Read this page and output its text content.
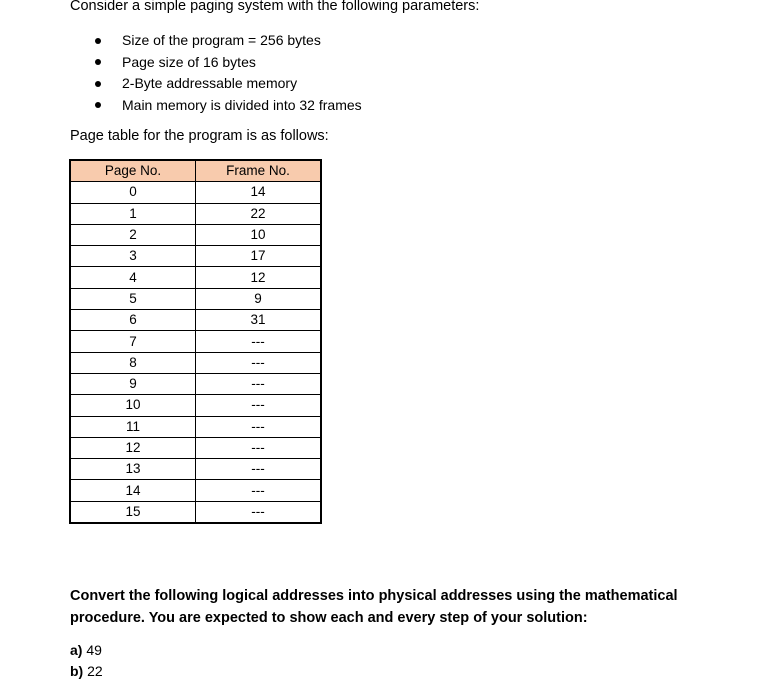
Consider a simple paging system with the following parameters:

Size of the program = 256 bytes
Page size of 16 bytes
2-Byte addressable memory
Main memory is divided into 32 frames

Page table for the program is as follows:

Page No.	Frame No.
0	14
1	22
2	10
3	17
4	12
5	9
6	31
7	---
8	---
9	---
10	---
11	---
12	---
13	---
14	---
15	---

Convert the following logical addresses into physical addresses using the mathematical procedure. You are expected to show each and every step of your solution:

a) 49
b) 22
